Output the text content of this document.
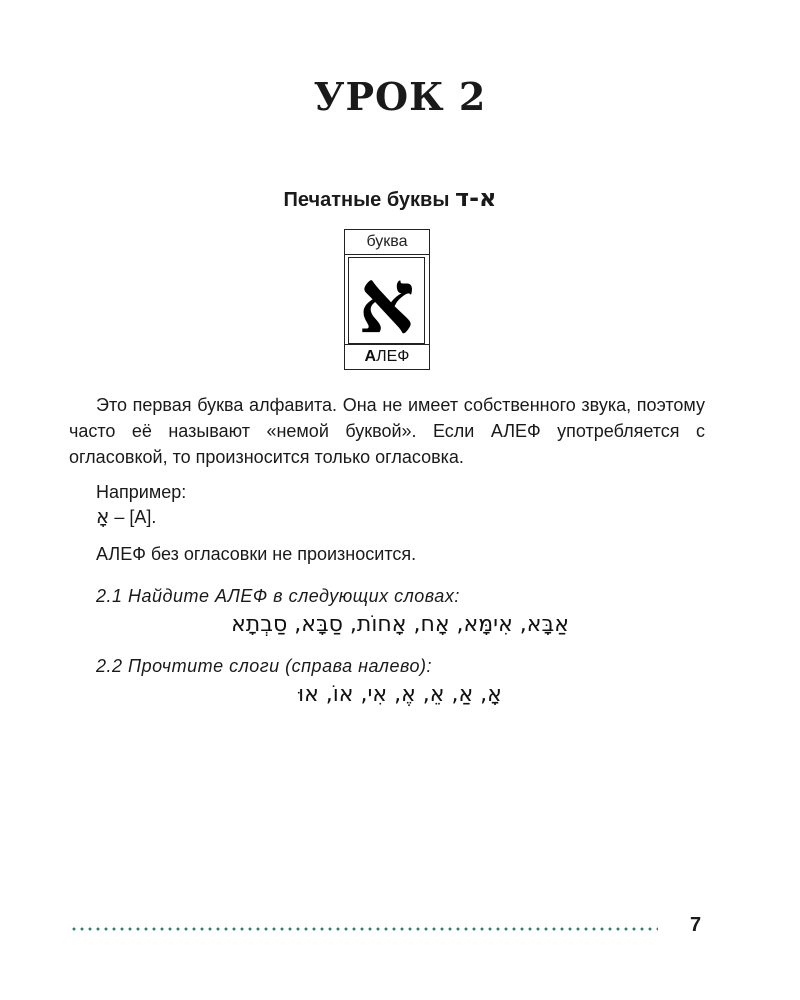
УРОК 2
Печатные буквы א-ד
буква
א
АЛЕФ

Это первая буква алфавита. Она не имеет собственного звука, поэтому часто её называют «немой буквой». Если АЛЕФ употребляется с огласовкой, то произносится только огласовка.

Например:
אָ – [А].
АЛЕФ без огласовки не произносится.
2.1 Найдите АЛЕФ в следующих словах:
אַבָּא, אִימָּא, אָח, אָחוֹת, סַבָּא, סַבְתָא
2.2 Прочтите слоги (справа налево):
אָ, אַ, אֵ, אֶ, אִי, אוֹ, אוּ
7
